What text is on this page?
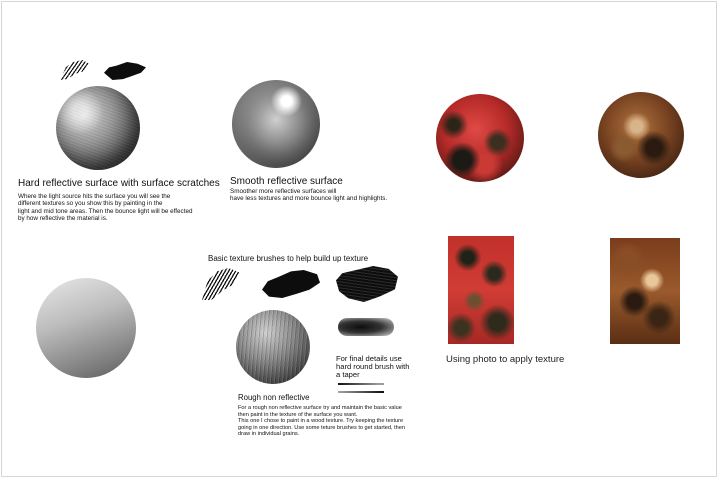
Hard reflective surface with surface scratches
Where the light source hits the surface you will see the
different textures so you show this by painting in the
light and mid tone areas. Then the bounce light will be effected
by how reflective the material is.
Smooth reflective surface
Smoother more reflective surfaces will
have less textures and more bounce light and highlights.
Basic texture brushes to help build up texture
For final details use
hard round brush with
a taper
Rough non reflective
For a rough non reflective surface try and maintain the basic value
then paint in the texture of the surface you want.
This one I chose to paint in a wood texture. Try keeping the texture
going in one direction. Use some teture brushes to get started, then
draw in individual grains.
Using photo to apply texture
